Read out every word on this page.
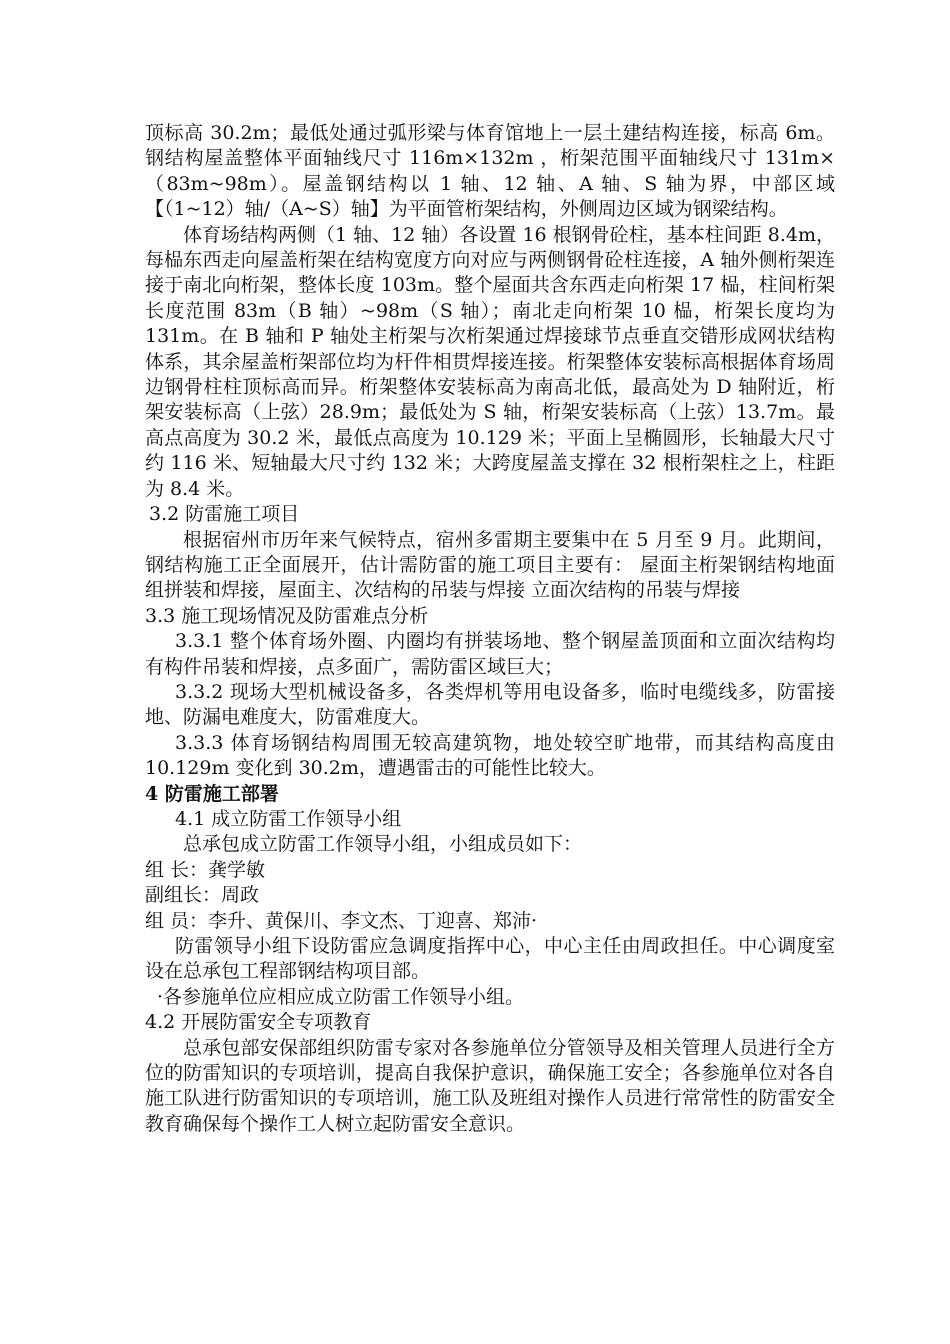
顶标高 30.2m；最低处通过弧形梁与体育馆地上一层土建结构连接，标高 6m。钢结构屋盖整体平面轴线尺寸 116m×132m ，桁架范围平面轴线尺寸 131m×（83m~98m）。屋盖钢结构以 1 轴、12 轴、A 轴、S 轴为界，中部区域【（1~12）轴/（A~S）轴】为平面管桁架结构，外侧周边区域为钢梁结构。

体育场结构两侧（1 轴、12 轴）各设置 16 根钢骨砼柱，基本柱间距 8.4m，每榀东西走向屋盖桁架在结构宽度方向对应与两侧钢骨砼柱连接，A 轴外侧桁架连接于南北向桁架，整体长度 103m。整个屋面共含东西走向桁架 17 榀，柱间桁架长度范围 83m（B 轴）~98m（S 轴）；南北走向桁架 10 榀，桁架长度均为 131m。在 B 轴和 P 轴处主桁架与次桁架通过焊接球节点垂直交错形成网状结构体系，其余屋盖桁架部位均为杆件相贯焊接连接。桁架整体安装标高根据体育场周边钢骨柱柱顶标高而异。桁架整体安装标高为南高北低，最高处为 D 轴附近，桁架安装标高（上弦）28.9m；最低处为 S 轴，桁架安装标高（上弦）13.7m。最高点高度为 30.2 米，最低点高度为 10.129 米；平面上呈椭圆形，长轴最大尺寸约 116 米、短轴最大尺寸约 132 米；大跨度屋盖支撑在 32 根桁架柱之上，柱距为 8.4 米。

3.2 防雷施工项目

根据宿州市历年来气候特点，宿州多雷期主要集中在 5 月至 9 月。此期间，钢结构施工正全面展开，估计需防雷的施工项目主要有： 屋面主桁架钢结构地面组拼装和焊接，屋面主、次结构的吊装与焊接 立面次结构的吊装与焊接

3.3 施工现场情况及防雷难点分析

3.3.1 整个体育场外圈、内圈均有拼装场地、整个钢屋盖顶面和立面次结构均有构件吊装和焊接，点多面广，需防雷区域巨大；

3.3.2 现场大型机械设备多，各类焊机等用电设备多，临时电缆线多，防雷接地、防漏电难度大，防雷难度大。

3.3.3 体育场钢结构周围无较高建筑物，地处较空旷地带，而其结构高度由 10.129m 变化到 30.2m，遭遇雷击的可能性比较大。

4 防雷施工部署

4.1 成立防雷工作领导小组

总承包成立防雷工作领导小组，小组成员如下：

组 长：龚学敏

副组长：周政

组 员：李升、黄保川、李文杰、丁迎喜、郑沛·

防雷领导小组下设防雷应急调度指挥中心，中心主任由周政担任。中心调度室设在总承包工程部钢结构项目部。

·各参施单位应相应成立防雷工作领导小组。

4.2 开展防雷安全专项教育

总承包部安保部组织防雷专家对各参施单位分管领导及相关管理人员进行全方位的防雷知识的专项培训，提高自我保护意识，确保施工安全；各参施单位对各自施工队进行防雷知识的专项培训，施工队及班组对操作人员进行常常性的防雷安全教育确保每个操作工人树立起防雷安全意识。
